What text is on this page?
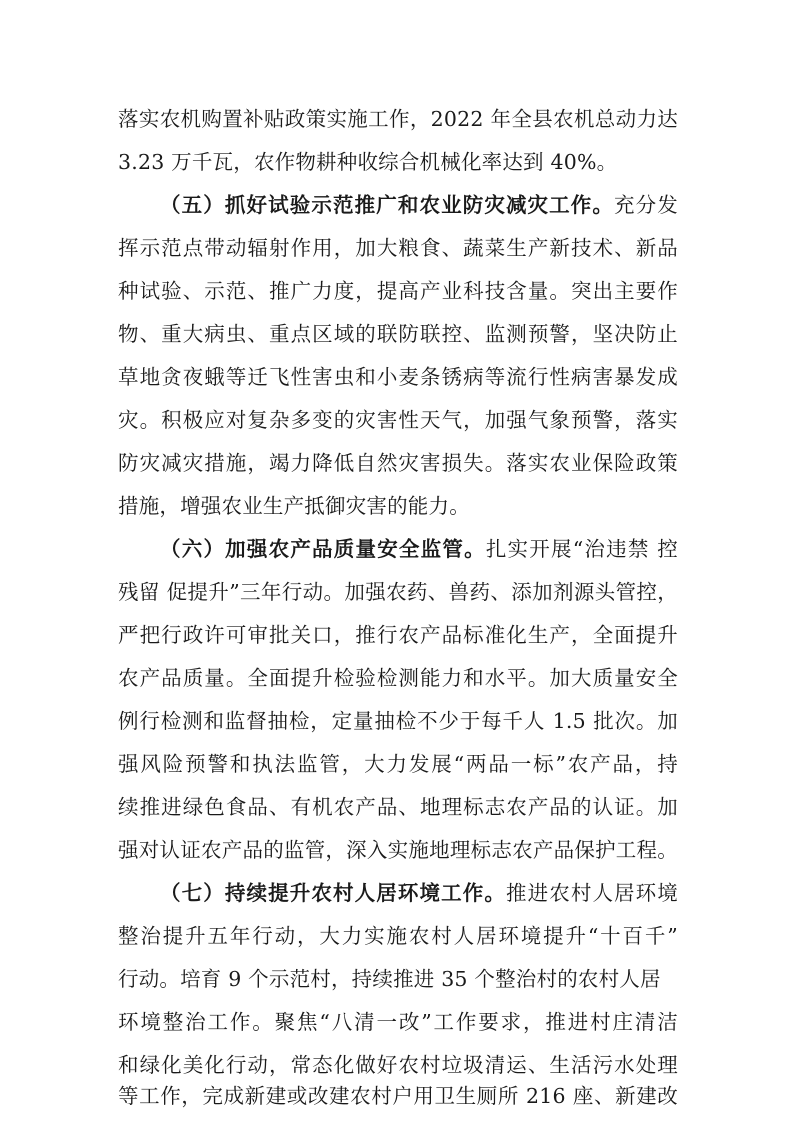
落实农机购置补贴政策实施工作，2022 年全县农机总动力达
3.23 万千瓦，农作物耕种收综合机械化率达到 40%。
（五）抓好试验示范推广和农业防灾减灾工作。充分发
挥示范点带动辐射作用，加大粮食、蔬菜生产新技术、新品
种试验、示范、推广力度，提高产业科技含量。突出主要作
物、重大病虫、重点区域的联防联控、监测预警，坚决防止
草地贪夜蛾等迁飞性害虫和小麦条锈病等流行性病害暴发成
灾。积极应对复杂多变的灾害性天气，加强气象预警，落实
防灾减灾措施，竭力降低自然灾害损失。落实农业保险政策
措施，增强农业生产抵御灾害的能力。
（六）加强农产品质量安全监管。扎实开展“治违禁 控
残留 促提升”三年行动。加强农药、兽药、添加剂源头管控，
严把行政许可审批关口，推行农产品标准化生产，全面提升
农产品质量。全面提升检验检测能力和水平。加大质量安全
例行检测和监督抽检，定量抽检不少于每千人 1.5 批次。加
强风险预警和执法监管，大力发展“两品一标”农产品，持
续推进绿色食品、有机农产品、地理标志农产品的认证。加
强对认证农产品的监管，深入实施地理标志农产品保护工程。
（七）持续提升农村人居环境工作。推进农村人居环境
整治提升五年行动，大力实施农村人居环境提升“十百千”
行动。培育 9 个示范村，持续推进 35 个整治村的农村人居
环境整治工作。聚焦“八清一改”工作要求，推进村庄清洁
和绿化美化行动，常态化做好农村垃圾清运、生活污水处理
等工作，完成新建或改建农村户用卫生厕所 216 座、新建改
